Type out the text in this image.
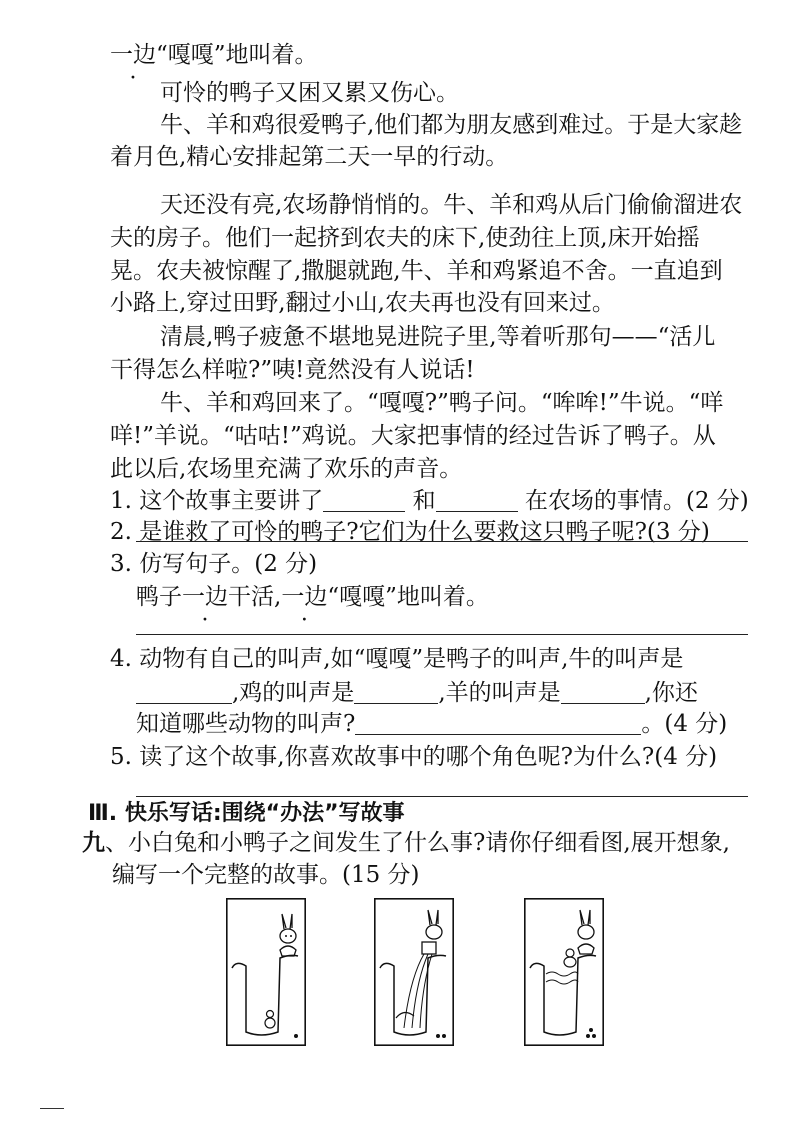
一边“嘎嘎”地叫着。
可怜的鸭子又困又累又伤心。
牛、羊和鸡很爱鸭子,他们都为朋友感到难过。于是大家趁
着月色,精心安排起第二天一早的行动。
天还没有亮,农场静悄悄的。牛、羊和鸡从后门偷偷溜进农
夫的房子。他们一起挤到农夫的床下,使劲往上顶,床开始摇
晃。农夫被惊醒了,撒腿就跑,牛、羊和鸡紧追不舍。一直追到
小路上,穿过田野,翻过小山,农夫再也没有回来过。
清晨,鸭子疲惫不堪地晃进院子里,等着听那句——“活儿
干得怎么样啦?”咦!竟然没有人说话!
牛、羊和鸡回来了。“嘎嘎?”鸭子问。“哞哞!”牛说。“咩
咩!”羊说。“咕咕!”鸡说。大家把事情的经过告诉了鸭子。从
此以后,农场里充满了欢乐的声音。
1. 这个故事主要讲了	和	在农场的事情。(2 分)
2. 是谁救了可怜的鸭子?它们为什么要救这只鸭子呢?(3 分)
3. 仿写句子。(2 分)
鸭子一边干活,一边“嘎嘎”地叫着。
4. 动物有自己的叫声,如“嘎嘎”是鸭子的叫声,牛的叫声是
,鸡的叫声是	,羊的叫声是	,你还
知道哪些动物的叫声?	。(4 分)
5. 读了这个故事,你喜欢故事中的哪个角色呢?为什么?(4 分)
Ⅲ. 快乐写话:围绕“办法”写故事
九、小白兔和小鸭子之间发生了什么事?请你仔细看图,展开想象,
编写一个完整的故事。(15 分)
